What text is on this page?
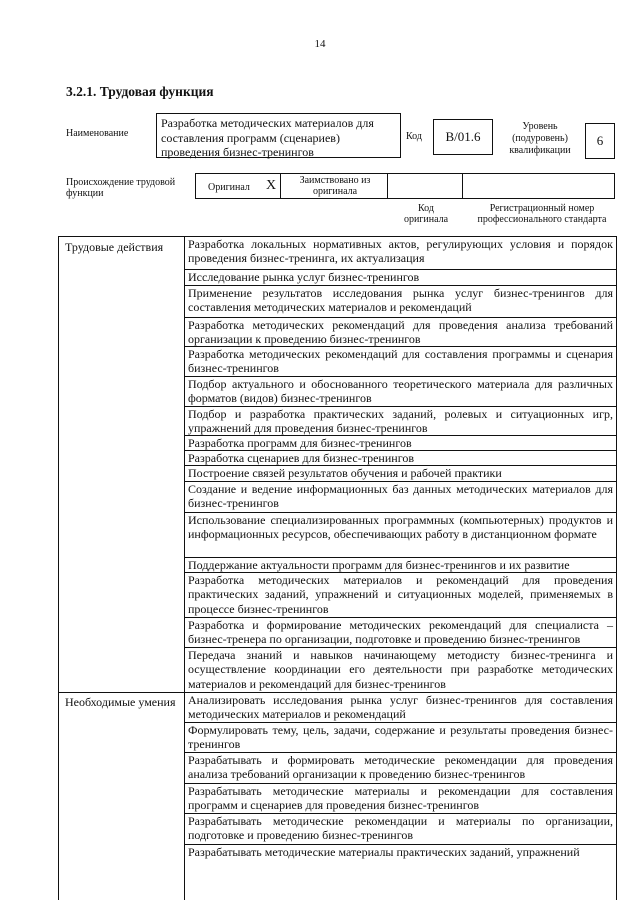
14
3.2.1. Трудовая функция
Наименование
Разработка методических материалов для составления программ (сценариев) проведения бизнес-тренингов
Код B/01.6
Уровень (подуровень) квалификации
6
Происхождение трудовой функции
Оригинал X	Заимствовано из оригинала
Код оригинала
Регистрационный номер профессионального стандарта
Трудовые действия Разработка локальных нормативных актов, регулирующих условия и порядок проведения бизнес-тренинга, их актуализация
Исследование рынка услуг бизнес-тренингов
Применение результатов исследования рынка услуг бизнес-тренингов для составления методических материалов и рекомендаций
Разработка методических рекомендаций для проведения анализа требований организации к проведению бизнес-тренингов
Разработка методических рекомендаций для составления программы и сценария бизнес-тренингов
Подбор актуального и обоснованного теоретического материала для различных форматов (видов) бизнес-тренингов
Подбор и разработка практических заданий, ролевых и ситуационных игр, упражнений для проведения бизнес-тренингов
Разработка программ для бизнес-тренингов
Разработка сценариев для бизнес-тренингов
Построение связей результатов обучения и рабочей практики
Создание и ведение информационных баз данных методических материалов для бизнес-тренингов
Использование специализированных программных (компьютерных) продуктов и информационных ресурсов, обеспечивающих работу в дистанционном формате
Поддержание актуальности программ для бизнес-тренингов и их развитие
Разработка методических материалов и рекомендаций для проведения практических заданий, упражнений и ситуационных моделей, применяемых в процессе бизнес-тренингов
Разработка и формирование методических рекомендаций для специалиста – бизнес-тренера по организации, подготовке и проведению бизнес-тренингов
Передача знаний и навыков начинающему методисту бизнес-тренинга и осуществление координации его деятельности при разработке методических материалов и рекомендаций для бизнес-тренингов
Необходимые умения Анализировать исследования рынка услуг бизнес-тренингов для составления методических материалов и рекомендаций
Формулировать тему, цель, задачи, содержание и результаты проведения бизнес-тренингов
Разрабатывать и формировать методические рекомендации для проведения анализа требований организации к проведению бизнес-тренингов
Разрабатывать методические материалы и рекомендации для составления программ и сценариев для проведения бизнес-тренингов
Разрабатывать методические рекомендации и материалы по организации, подготовке и проведению бизнес-тренингов
Разрабатывать методические материалы практических заданий, упражнений
